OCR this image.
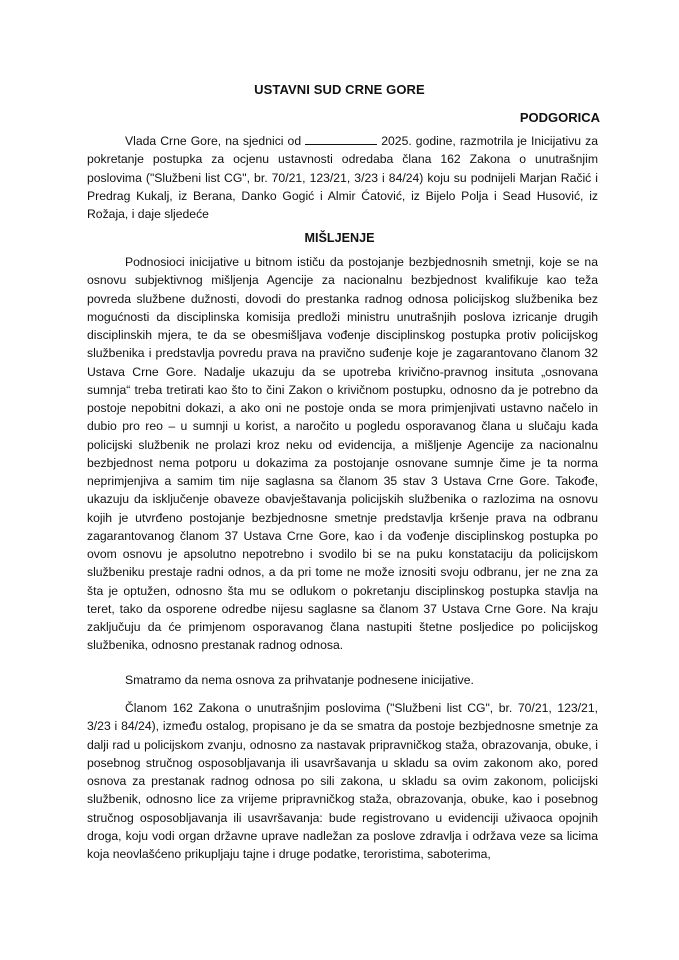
USTAVNI SUD CRNE GORE
PODGORICA

Vlada Crne Gore, na sjednici od	2025. godine, razmotrila je Inicijativu za pokretanje postupka za ocjenu ustavnosti odredaba člana 162 Zakona o unutrašnjim poslovima ("Službeni list CG", br. 70/21, 123/21, 3/23 i 84/24) koju su podnijeli Marjan Račić i Predrag Kukalj, iz Berana, Danko Gogić i Almir Ćatović, iz Bijelo Polja i Sead Husović, iz Rožaja, i daje sljedeće

MIŠLJENJE

Podnosioci inicijative u bitnom ističu da postojanje bezbjednosnih smetnji, koje se na osnovu subjektivnog mišljenja Agencije za nacionalnu bezbjednost kvalifikuje kao teža povreda službene dužnosti, dovodi do prestanka radnog odnosa policijskog službenika bez mogućnosti da disciplinska komisija predloži ministru unutrašnjih poslova izricanje drugih disciplinskih mjera, te da se obesmišljava vođenje disciplinskog postupka protiv policijskog službenika i predstavlja povredu prava na pravično suđenje koje je zagarantovano članom 32 Ustava Crne Gore. Nadalje ukazuju da se upotreba krivično-pravnog insituta „osnovana sumnja“ treba tretirati kao što to čini Zakon o krivičnom postupku, odnosno da je potrebno da postoje nepobitni dokazi, a ako oni ne postoje onda se mora primjenjivati ustavno načelo in dubio pro reo – u sumnji u korist, a naročito u pogledu osporavanog člana u slučaju kada policijski službenik ne prolazi kroz neku od evidencija, a mišljenje Agencije za nacionalnu bezbjednost nema potporu u dokazima za postojanje osnovane sumnje čime je ta norma neprimjenjiva a samim tim nije saglasna sa članom 35 stav 3 Ustava Crne Gore. Takođe, ukazuju da isključenje obaveze obavještavanja policijskih službenika o razlozima na osnovu kojih je utvrđeno postojanje bezbjednosne smetnje predstavlja kršenje prava na odbranu zagarantovanog članom 37 Ustava Crne Gore, kao i da vođenje disciplinskog postupka po ovom osnovu je apsolutno nepotrebno i svodilo bi se na puku konstataciju da policijskom službeniku prestaje radni odnos, a da pri tome ne može iznositi svoju odbranu, jer ne zna za šta je optužen, odnosno šta mu se odlukom o pokretanju disciplinskog postupka stavlja na teret, tako da osporene odredbe nijesu saglasne sa članom 37 Ustava Crne Gore. Na kraju zaključuju da će primjenom osporavanog člana nastupiti štetne posljedice po policijskog službenika, odnosno prestanak radnog odnosa.

Smatramo da nema osnova za prihvatanje podnesene inicijative.

Članom 162 Zakona o unutrašnjim poslovima ("Službeni list CG", br. 70/21, 123/21, 3/23 i 84/24), između ostalog, propisano je da se smatra da postoje bezbjednosne smetnje za dalji rad u policijskom zvanju, odnosno za nastavak pripravničkog staža, obrazovanja, obuke, i posebnog stručnog osposobljavanja ili usavršavanja u skladu sa ovim zakonom ako, pored osnova za prestanak radnog odnosa po sili zakona, u skladu sa ovim zakonom, policijski službenik, odnosno lice za vrijeme pripravničkog staža, obrazovanja, obuke, kao i posebnog stručnog osposobljavanja ili usavršavanja: bude registrovano u evidenciji uživaoca opojnih droga, koju vodi organ državne uprave nadležan za poslove zdravlja i održava veze sa licima koja neovlašćeno prikupljaju tajne i druge podatke, teroristima, saboterima,
